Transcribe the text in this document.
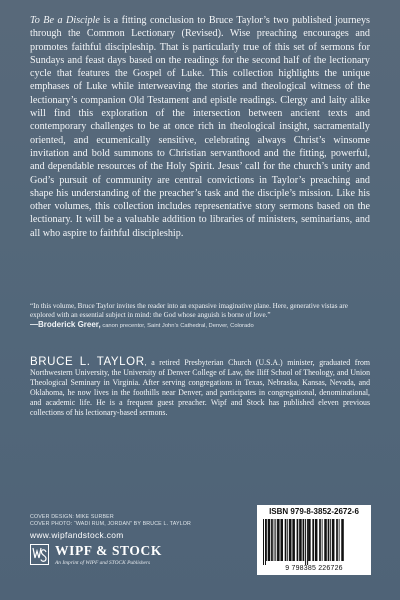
To Be a Disciple is a fitting conclusion to Bruce Taylor’s two published journeys through the Common Lectionary (Revised). Wise preaching encourages and promotes faithful discipleship. That is particularly true of this set of sermons for Sundays and feast days based on the readings for the second half of the lectionary cycle that features the Gospel of Luke. This collection highlights the unique emphases of Luke while interweaving the stories and theological witness of the lectionary’s companion Old Testament and epistle readings. Clergy and laity alike will find this exploration of the intersection between ancient texts and contemporary challenges to be at once rich in theological insight, sacramentally oriented, and ecumenically sensitive, celebrating always Christ’s winsome invitation and bold summons to Christian servanthood and the fitting, powerful, and dependable resources of the Holy Spirit. Jesus’ call for the church’s unity and God’s pursuit of community are central convictions in Taylor’s preaching and shape his understanding of the preacher’s task and the disciple’s mission. Like his other volumes, this collection includes representative story sermons based on the lectionary. It will be a valuable addition to libraries of ministers, seminarians, and all who aspire to faithful discipleship.
“In this volume, Bruce Taylor invites the reader into an expansive imaginative plane. Here, generative vistas are explored with an essential subject in mind: the God whose anguish is borne of love.”
—Broderick Greer, canon precentor, Saint John’s Cathedral, Denver, Colorado
BRUCE L. TAYLOR, a retired Presbyterian Church (U.S.A.) minister, graduated from Northwestern University, the University of Denver College of Law, the Iliff School of Theology, and Union Theological Seminary in Virginia. After serving congregations in Texas, Nebraska, Kansas, Nevada, and Oklahoma, he now lives in the foothills near Denver, and participates in congregational, denominational, and academic life. He is a frequent guest preacher. Wipf and Stock has published eleven previous collections of his lectionary-based sermons.
COVER DESIGN: MIKE SURBER
COVER PHOTO: “WADI RUM, JORDAN” BY BRUCE L. TAYLOR
www.wipfandstock.com
WIPF & STOCK
An Imprint of WIPF and STOCK Publishers
ISBN 979-8-3852-2672-6
9 798385 226726
